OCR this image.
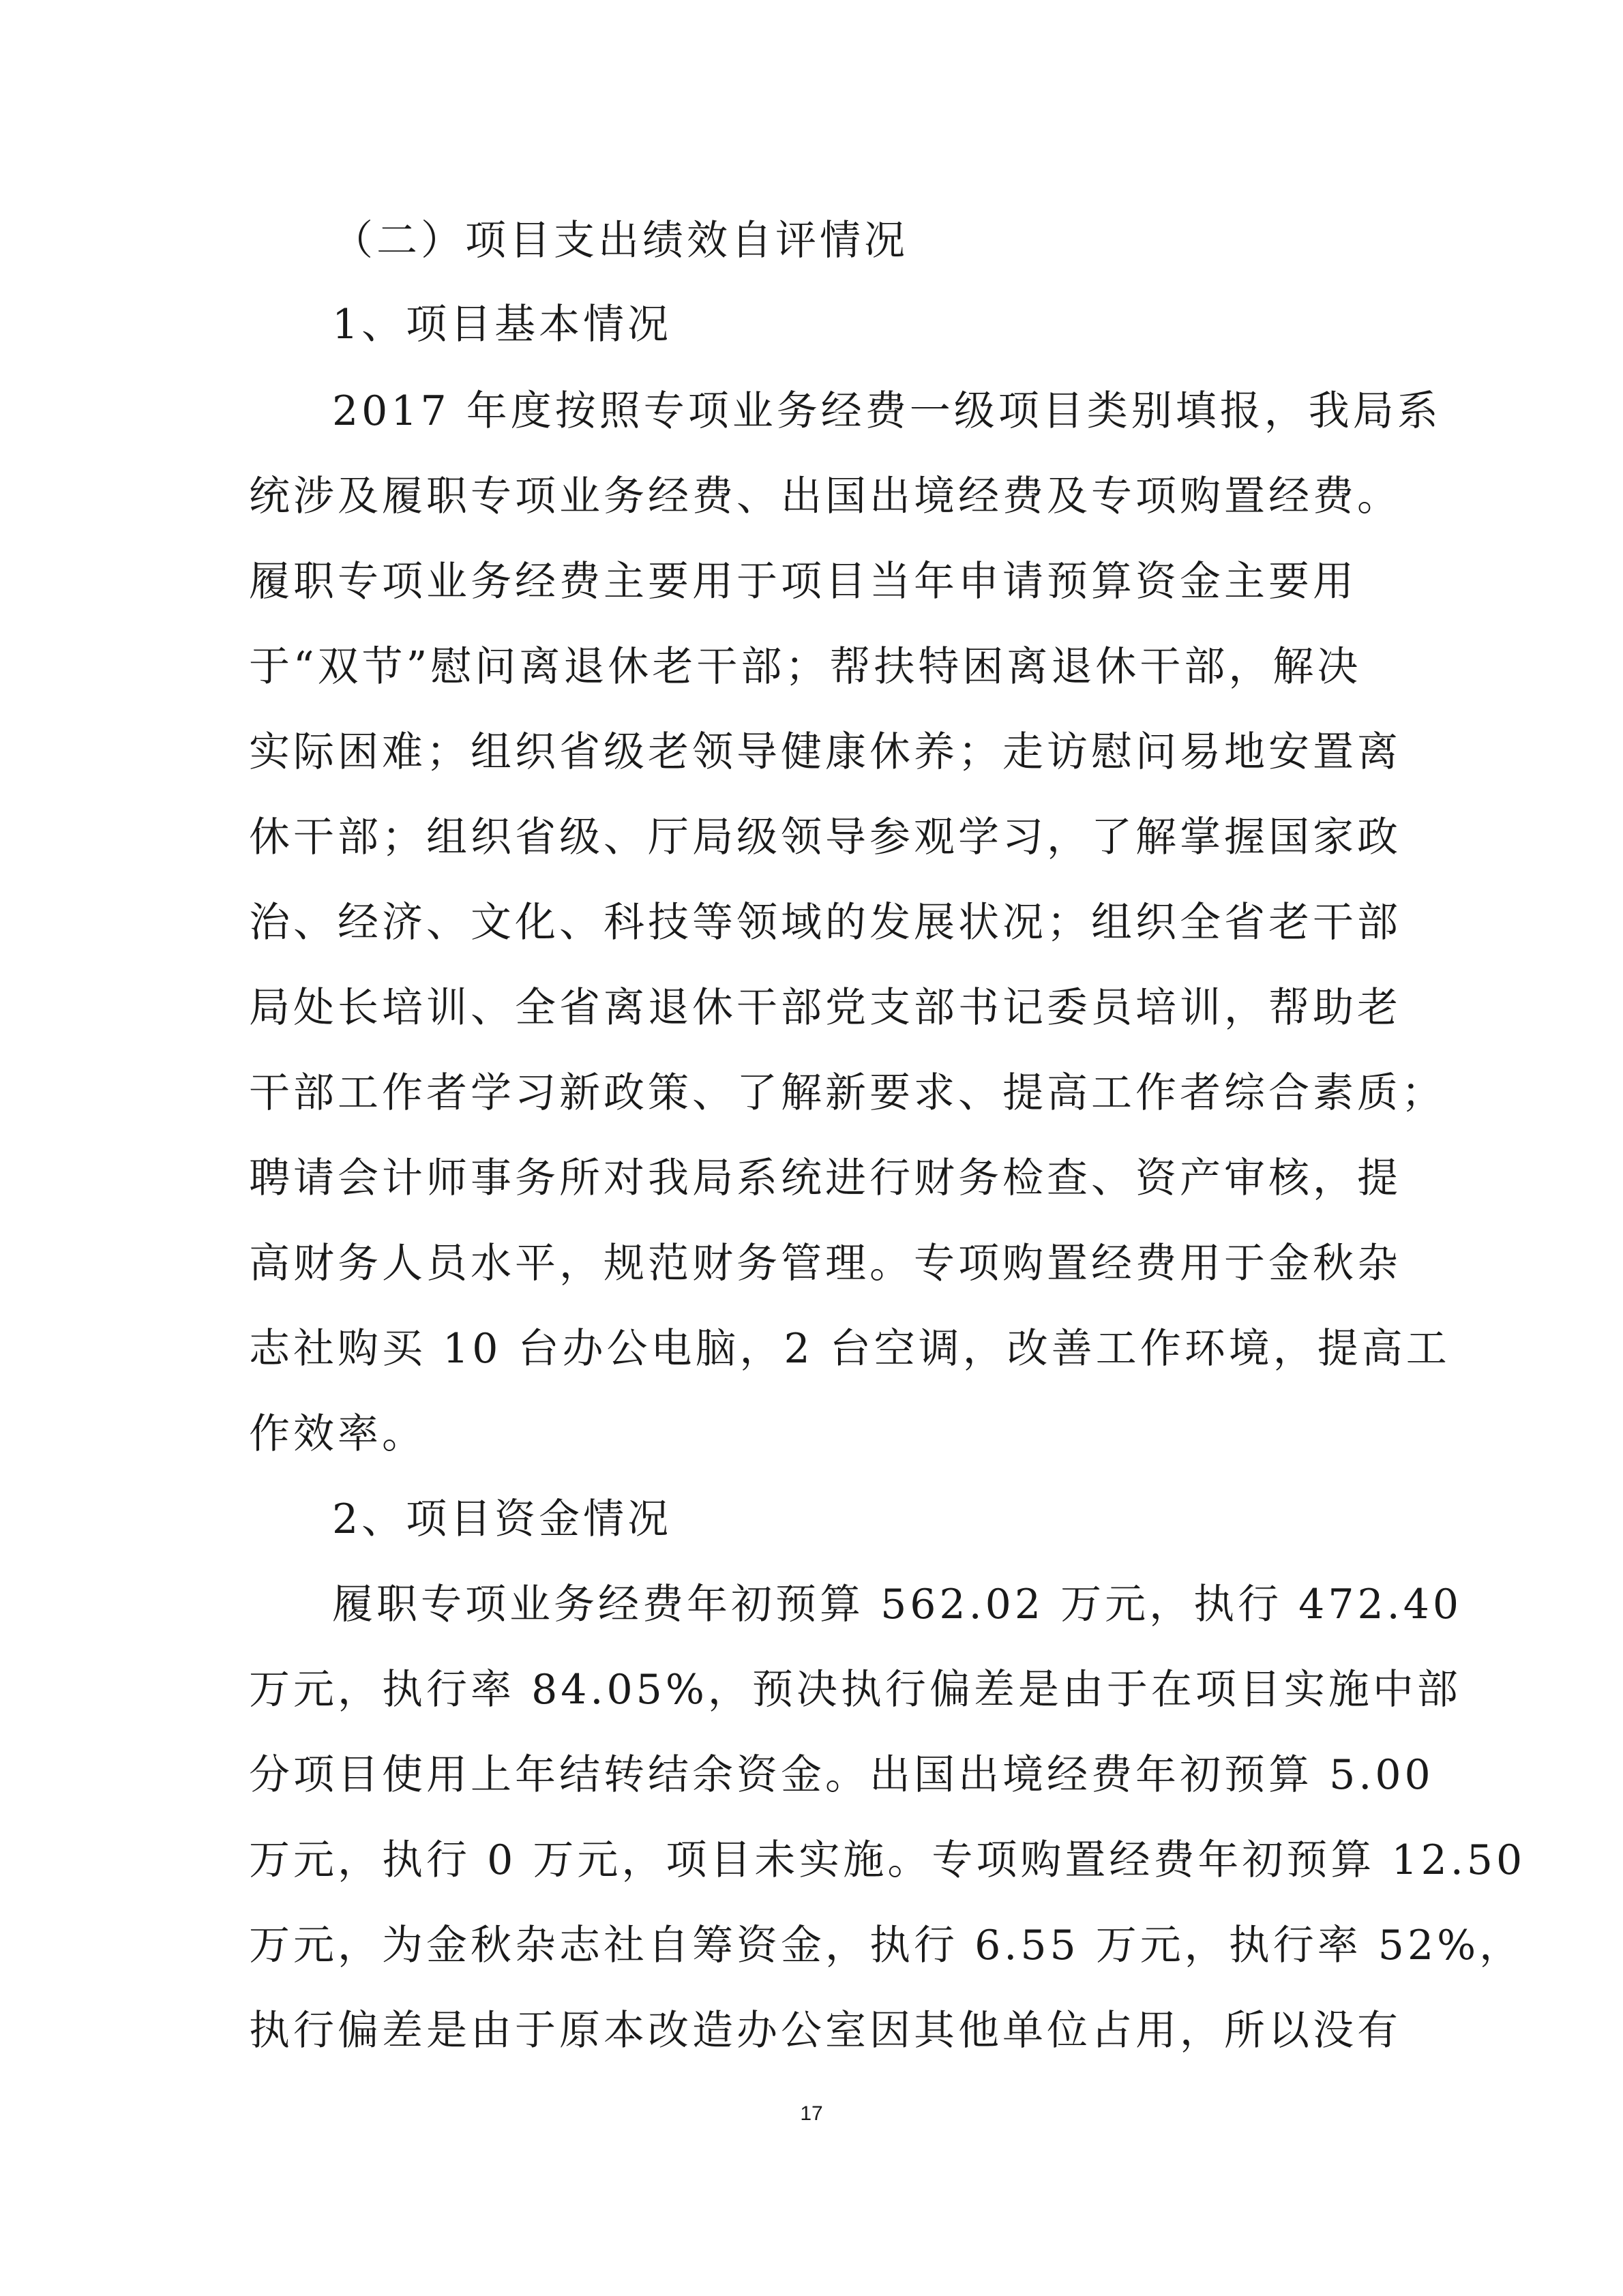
（二）项目支出绩效自评情况
1、项目基本情况
2017 年度按照专项业务经费一级项目类别填报，我局系
统涉及履职专项业务经费、出国出境经费及专项购置经费。
履职专项业务经费主要用于项目当年申请预算资金主要用
于“双节”慰问离退休老干部；帮扶特困离退休干部，解决
实际困难；组织省级老领导健康休养；走访慰问易地安置离
休干部；组织省级、厅局级领导参观学习，了解掌握国家政
治、经济、文化、科技等领域的发展状况；组织全省老干部
局处长培训、全省离退休干部党支部书记委员培训，帮助老
干部工作者学习新政策、了解新要求、提高工作者综合素质；
聘请会计师事务所对我局系统进行财务检查、资产审核，提
高财务人员水平，规范财务管理。专项购置经费用于金秋杂
志社购买 10 台办公电脑，2 台空调，改善工作环境，提高工
作效率。
2、项目资金情况
履职专项业务经费年初预算 562.02 万元，执行 472.40
万元，执行率 84.05%，预决执行偏差是由于在项目实施中部
分项目使用上年结转结余资金。出国出境经费年初预算 5.00
万元，执行 0 万元，项目未实施。专项购置经费年初预算 12.50
万元，为金秋杂志社自筹资金，执行 6.55 万元，执行率 52%，
执行偏差是由于原本改造办公室因其他单位占用，所以没有
17
